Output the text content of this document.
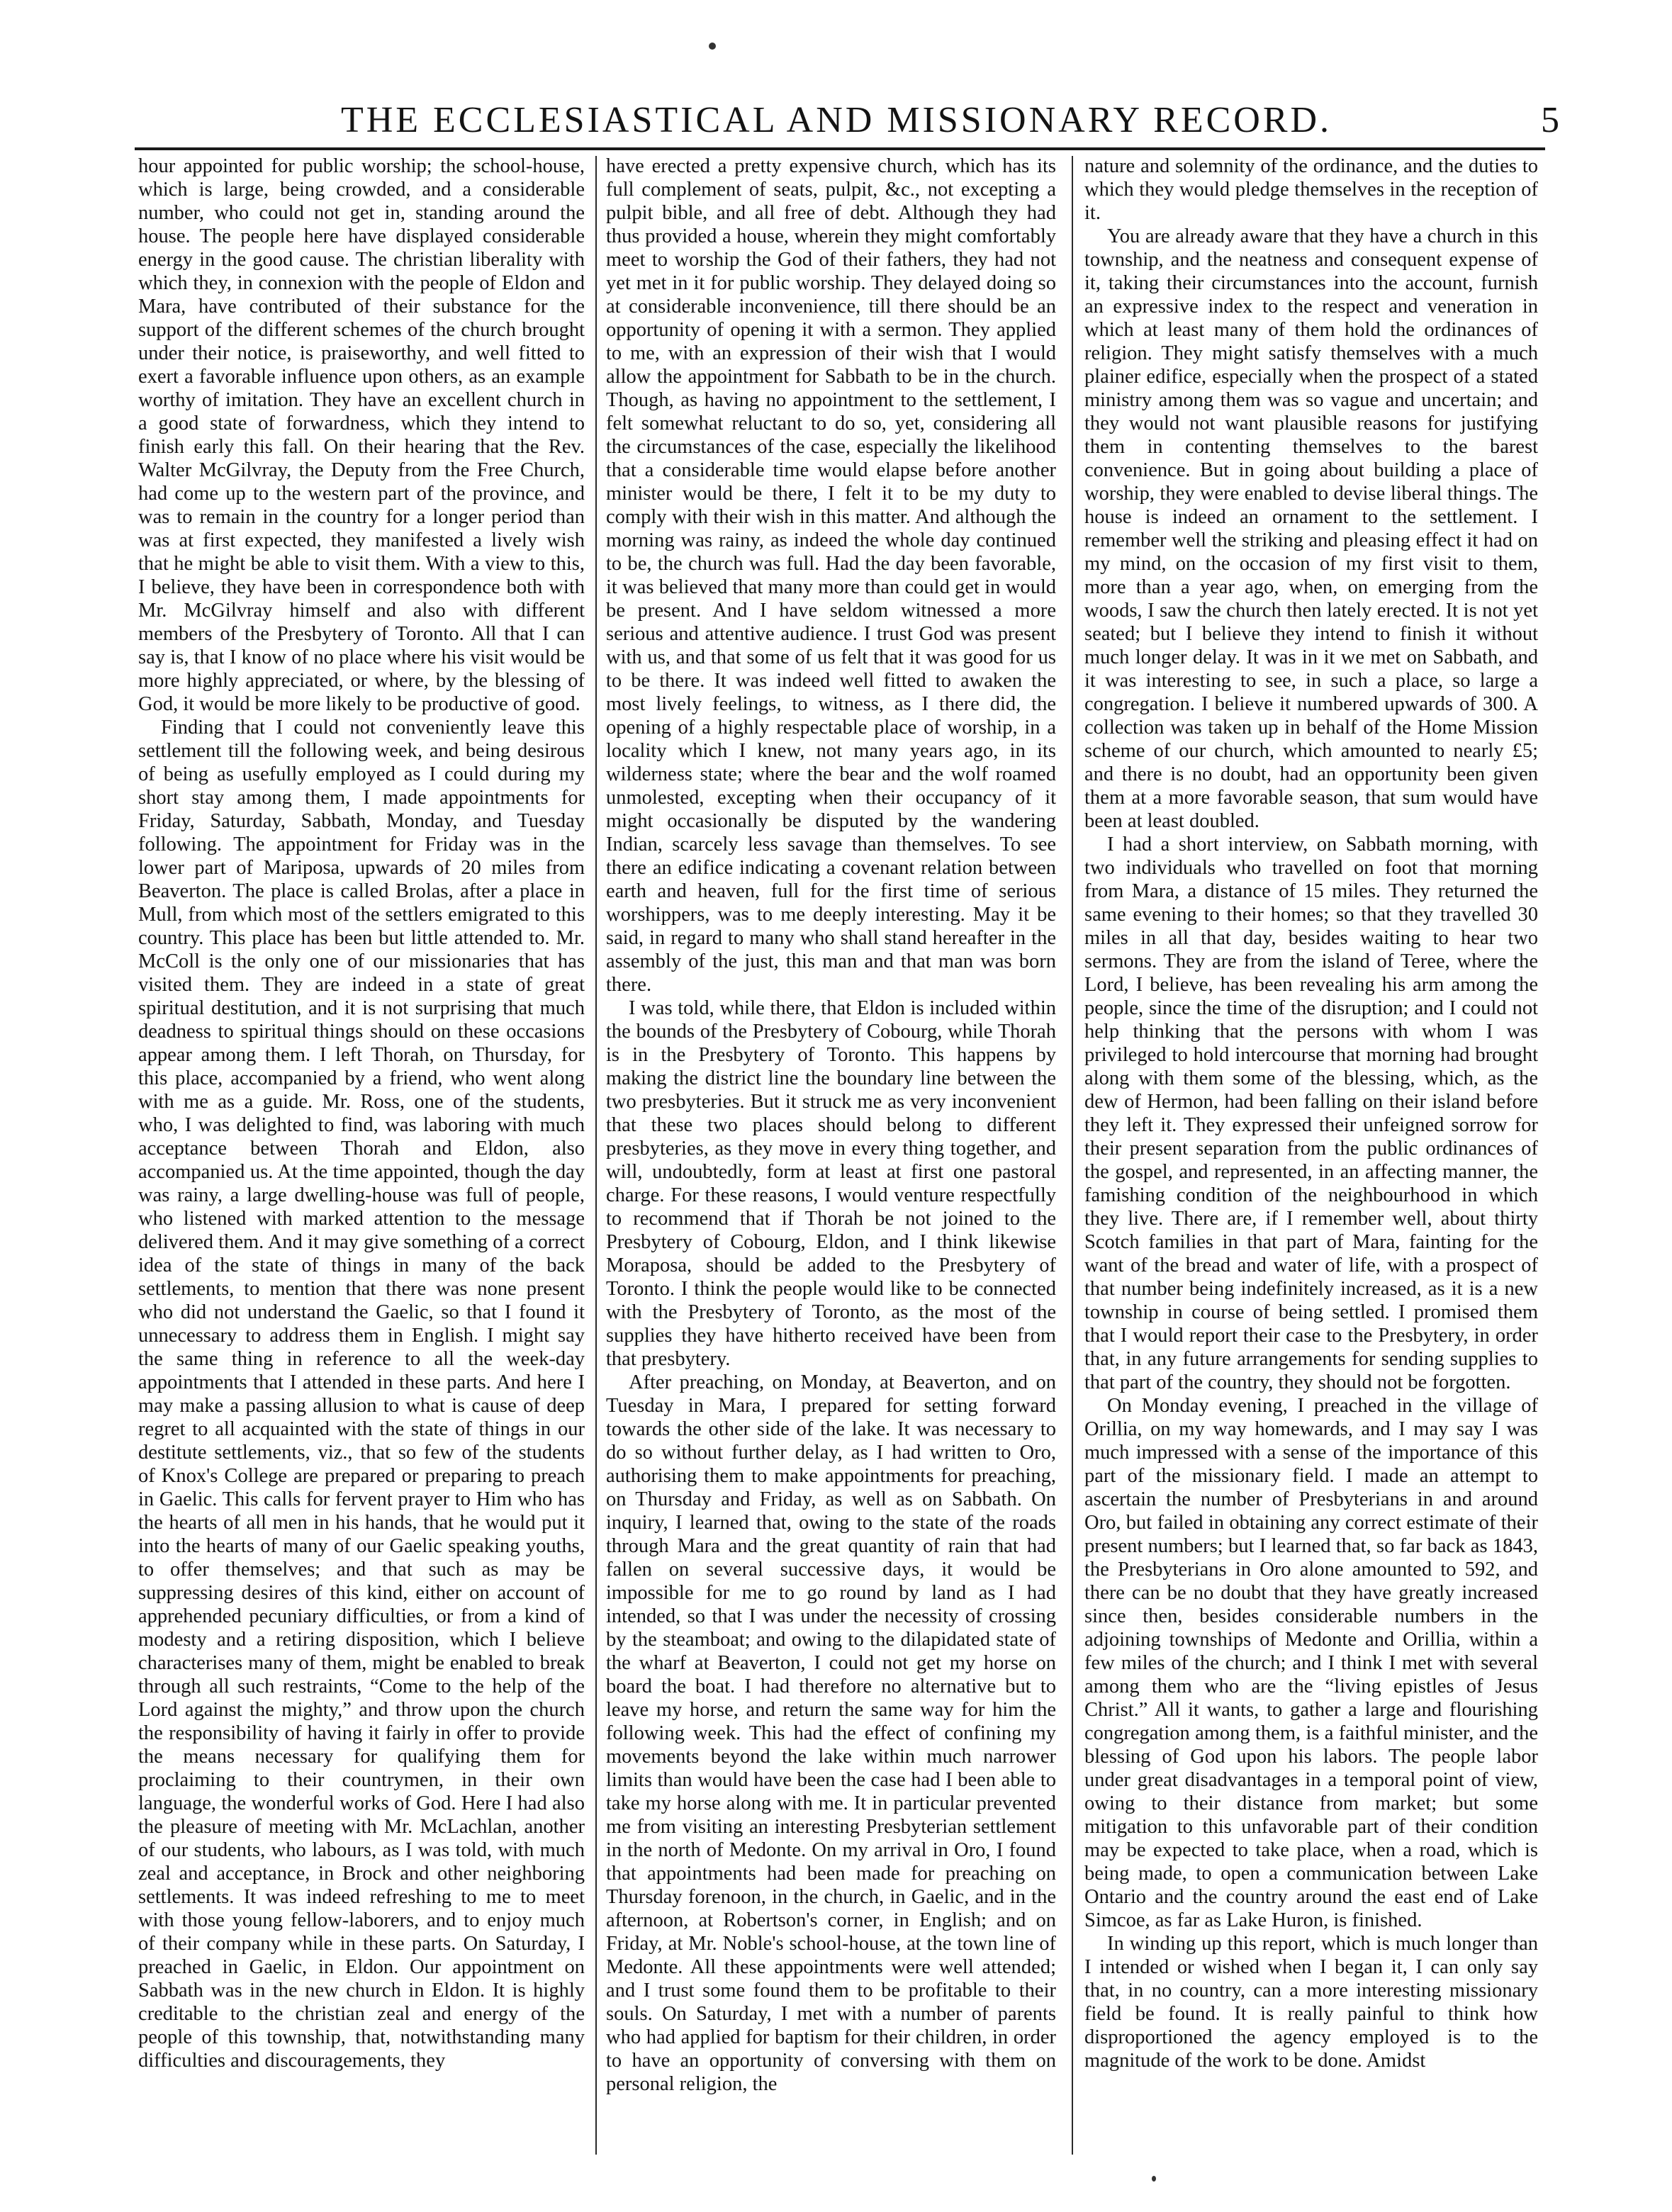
THE ECCLESIASTICAL AND MISSIONARY RECORD.	5

hour appointed for public worship; the school-house, which is large, being crowded, and a considerable number, who could not get in, standing around the house. The people here have displayed considerable energy in the good cause. The christian liberality with which they, in connexion with the people of Eldon and Mara, have contributed of their substance for the support of the different schemes of the church brought under their notice, is praiseworthy, and well fitted to exert a favorable influence upon others, as an example worthy of imitation. They have an excellent church in a good state of forwardness, which they intend to finish early this fall. On their hearing that the Rev. Walter McGilvray, the Deputy from the Free Church, had come up to the western part of the province, and was to remain in the country for a longer period than was at first expected, they manifested a lively wish that he might be able to visit them. With a view to this, I believe, they have been in correspondence both with Mr. McGilvray himself and also with different members of the Presbytery of Toronto. All that I can say is, that I know of no place where his visit would be more highly appreciated, or where, by the blessing of God, it would be more likely to be productive of good.

Finding that I could not conveniently leave this settlement till the following week, and being desirous of being as usefully employed as I could during my short stay among them, I made appointments for Friday, Saturday, Sabbath, Monday, and Tuesday following. The appointment for Friday was in the lower part of Mariposa, upwards of 20 miles from Beaverton. The place is called Brolas, after a place in Mull, from which most of the settlers emigrated to this country. This place has been but little attended to. Mr. McColl is the only one of our missionaries that has visited them. They are indeed in a state of great spiritual destitution, and it is not surprising that much deadness to spiritual things should on these occasions appear among them. I left Thorah, on Thursday, for this place, accompanied by a friend, who went along with me as a guide. Mr. Ross, one of the students, who, I was delighted to find, was laboring with much acceptance between Thorah and Eldon, also accompanied us. At the time appointed, though the day was rainy, a large dwelling-house was full of people, who listened with marked attention to the message delivered them. And it may give something of a correct idea of the state of things in many of the back settlements, to mention that there was none present who did not understand the Gaelic, so that I found it unnecessary to address them in English. I might say the same thing in reference to all the week-day appointments that I attended in these parts. And here I may make a passing allusion to what is cause of deep regret to all acquainted with the state of things in our destitute settlements, viz., that so few of the students of Knox's College are prepared or preparing to preach in Gaelic. This calls for fervent prayer to Him who has the hearts of all men in his hands, that he would put it into the hearts of many of our Gaelic speaking youths, to offer themselves; and that such as may be suppressing desires of this kind, either on account of apprehended pecuniary difficulties, or from a kind of modesty and a retiring disposition, which I believe characterises many of them, might be enabled to break through all such restraints, “Come to the help of the Lord against the mighty,” and throw upon the church the responsibility of having it fairly in offer to provide the means necessary for qualifying them for proclaiming to their countrymen, in their own language, the wonderful works of God. Here I had also the pleasure of meeting with Mr. McLachlan, another of our students, who labours, as I was told, with much zeal and acceptance, in Brock and other neighboring settlements. It was indeed refreshing to me to meet with those young fellow-laborers, and to enjoy much of their company while in these parts. On Saturday, I preached in Gaelic, in Eldon. Our appointment on Sabbath was in the new church in Eldon. It is highly creditable to the christian zeal and energy of the people of this township, that, notwithstanding many difficulties and discouragements, they

have erected a pretty expensive church, which has its full complement of seats, pulpit, &c., not excepting a pulpit bible, and all free of debt. Although they had thus provided a house, wherein they might comfortably meet to worship the God of their fathers, they had not yet met in it for public worship. They delayed doing so at considerable inconvenience, till there should be an opportunity of opening it with a sermon. They applied to me, with an expression of their wish that I would allow the appointment for Sabbath to be in the church. Though, as having no appointment to the settlement, I felt somewhat reluctant to do so, yet, considering all the circumstances of the case, especially the likelihood that a considerable time would elapse before another minister would be there, I felt it to be my duty to comply with their wish in this matter. And although the morning was rainy, as indeed the whole day continued to be, the church was full. Had the day been favorable, it was believed that many more than could get in would be present. And I have seldom witnessed a more serious and attentive audience. I trust God was present with us, and that some of us felt that it was good for us to be there. It was indeed well fitted to awaken the most lively feelings, to witness, as I there did, the opening of a highly respectable place of worship, in a locality which I knew, not many years ago, in its wilderness state; where the bear and the wolf roamed unmolested, excepting when their occupancy of it might occasionally be disputed by the wandering Indian, scarcely less savage than themselves. To see there an edifice indicating a covenant relation between earth and heaven, full for the first time of serious worshippers, was to me deeply interesting. May it be said, in regard to many who shall stand hereafter in the assembly of the just, this man and that man was born there.

I was told, while there, that Eldon is included within the bounds of the Presbytery of Cobourg, while Thorah is in the Presbytery of Toronto. This happens by making the district line the boundary line between the two presbyteries. But it struck me as very inconvenient that these two places should belong to different presbyteries, as they move in every thing together, and will, undoubtedly, form at least at first one pastoral charge. For these reasons, I would venture respectfully to recommend that if Thorah be not joined to the Presbytery of Cobourg, Eldon, and I think likewise Moraposa, should be added to the Presbytery of Toronto. I think the people would like to be connected with the Presbytery of Toronto, as the most of the supplies they have hitherto received have been from that presbytery.

After preaching, on Monday, at Beaverton, and on Tuesday in Mara, I prepared for setting forward towards the other side of the lake. It was necessary to do so without further delay, as I had written to Oro, authorising them to make appointments for preaching, on Thursday and Friday, as well as on Sabbath. On inquiry, I learned that, owing to the state of the roads through Mara and the great quantity of rain that had fallen on several successive days, it would be impossible for me to go round by land as I had intended, so that I was under the necessity of crossing by the steamboat; and owing to the dilapidated state of the wharf at Beaverton, I could not get my horse on board the boat. I had therefore no alternative but to leave my horse, and return the same way for him the following week. This had the effect of confining my movements beyond the lake within much narrower limits than would have been the case had I been able to take my horse along with me. It in particular prevented me from visiting an interesting Presbyterian settlement in the north of Medonte. On my arrival in Oro, I found that appointments had been made for preaching on Thursday forenoon, in the church, in Gaelic, and in the afternoon, at Robertson's corner, in English; and on Friday, at Mr. Noble's school-house, at the town line of Medonte. All these appointments were well attended; and I trust some found them to be profitable to their souls. On Saturday, I met with a number of parents who had applied for baptism for their children, in order to have an opportunity of conversing with them on personal religion, the

nature and solemnity of the ordinance, and the duties to which they would pledge themselves in the reception of it.

You are already aware that they have a church in this township, and the neatness and consequent expense of it, taking their circumstances into the account, furnish an expressive index to the respect and veneration in which at least many of them hold the ordinances of religion. They might satisfy themselves with a much plainer edifice, especially when the prospect of a stated ministry among them was so vague and uncertain; and they would not want plausible reasons for justifying them in contenting themselves to the barest convenience. But in going about building a place of worship, they were enabled to devise liberal things. The house is indeed an ornament to the settlement. I remember well the striking and pleasing effect it had on my mind, on the occasion of my first visit to them, more than a year ago, when, on emerging from the woods, I saw the church then lately erected. It is not yet seated; but I believe they intend to finish it without much longer delay. It was in it we met on Sabbath, and it was interesting to see, in such a place, so large a congregation. I believe it numbered upwards of 300. A collection was taken up in behalf of the Home Mission scheme of our church, which amounted to nearly £5; and there is no doubt, had an opportunity been given them at a more favorable season, that sum would have been at least doubled.

I had a short interview, on Sabbath morning, with two individuals who travelled on foot that morning from Mara, a distance of 15 miles. They returned the same evening to their homes; so that they travelled 30 miles in all that day, besides waiting to hear two sermons. They are from the island of Teree, where the Lord, I believe, has been revealing his arm among the people, since the time of the disruption; and I could not help thinking that the persons with whom I was privileged to hold intercourse that morning had brought along with them some of the blessing, which, as the dew of Hermon, had been falling on their island before they left it. They expressed their unfeigned sorrow for their present separation from the public ordinances of the gospel, and represented, in an affecting manner, the famishing condition of the neighbourhood in which they live. There are, if I remember well, about thirty Scotch families in that part of Mara, fainting for the want of the bread and water of life, with a prospect of that number being indefinitely increased, as it is a new township in course of being settled. I promised them that I would report their case to the Presbytery, in order that, in any future arrangements for sending supplies to that part of the country, they should not be forgotten.

On Monday evening, I preached in the village of Orillia, on my way homewards, and I may say I was much impressed with a sense of the importance of this part of the missionary field. I made an attempt to ascertain the number of Presbyterians in and around Oro, but failed in obtaining any correct estimate of their present numbers; but I learned that, so far back as 1843, the Presbyterians in Oro alone amounted to 592, and there can be no doubt that they have greatly increased since then, besides considerable numbers in the adjoining townships of Medonte and Orillia, within a few miles of the church; and I think I met with several among them who are the “living epistles of Jesus Christ.” All it wants, to gather a large and flourishing congregation among them, is a faithful minister, and the blessing of God upon his labors. The people labor under great disadvantages in a temporal point of view, owing to their distance from market; but some mitigation to this unfavorable part of their condition may be expected to take place, when a road, which is being made, to open a communication between Lake Ontario and the country around the east end of Lake Simcoe, as far as Lake Huron, is finished.

In winding up this report, which is much longer than I intended or wished when I began it, I can only say that, in no country, can a more interesting missionary field be found. It is really painful to think how disproportioned the agency employed is to the magnitude of the work to be done. Amidst
